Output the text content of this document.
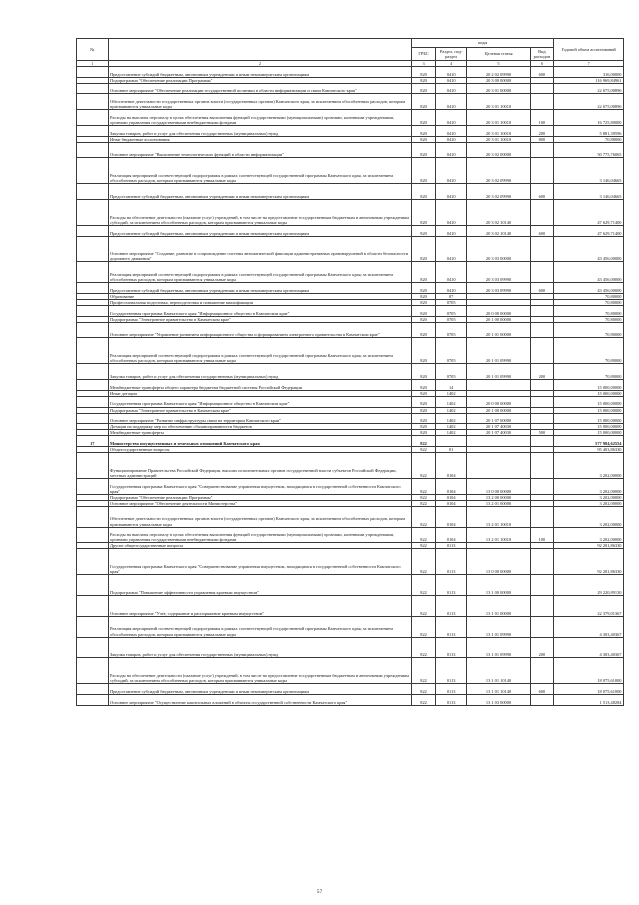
№		коды				Годовой объем ассигнований
		ГРБС	Раздел, под-раздел	Целевая статья	Вид расходов	
1	2	3	4	5	6	7
	Предоставление субсидий бюджетным, автономным учреждениям и иным некоммерческим организациям	820	0410	20 2 02 09990	600	316,00000
	Подпрограмма "Обеспечение реализации Программы"	820	0410	20 3 00 00000		116 969,84961
	Основное мероприятие "Обеспечение реализации государственной политики в области информатизации и связи Камчатского края"	820	0410	20 3 01 00000		22 675,00896
	Обеспечение деятельности государственных органов власти (государственных органов) Камчатского края, за исключением обособленных расходов, которым присваиваются уникальные коды	820	0410	20 3 01 10010		22 675,00896
	Расходы на выплаты персоналу в целях обеспечения выполнения функций государственными (муниципальными) органами, казенными учреждениями, органами управления государственными внебюджетными фондами	820	0410	20 3 01 10010	100	16 725,80000
	Закупка товаров, работ и услуг для обеспечения государственных (муниципальных) нужд	820	0410	20 3 01 10010	200	5 881,39596
	Иные бюджетные ассигнования	820	0410	20 3 01 10010	800	70,88000
	Основное мероприятие "Выполнение технологических функций в области информатизации"	820	0410	20 3 02 00000		50 775,76065
	Реализация мероприятий соответствующей подпрограммы в рамках соответствующей государственной программы Камчатского края, за исключением обособленных расходов, которым присваиваются уникальные коды	820	0410	20 3 02 09990		3 146,04665
	Предоставление субсидий бюджетным, автономным учреждениям и иным некоммерческим организациям	820	0410	20 3 02 09990	600	3 146,04665
	Расходы на обеспечение деятельности (оказание услуг) учреждений, в том числе на предоставление государственным бюджетным и автономным учреждениям субсидий, за исключением обособленных расходов, которым присваиваются уникальные коды	820	0410	20 3 02 10140		47 629,71400
	Предоставление субсидий бюджетным, автономным учреждениям и иным некоммерческим организациям	820	0410	20 3 02 10140	600	47 629,71400
	Основное мероприятие "Создание, развитие и сопровождение системы автоматической фиксации административных правонарушений в области безопасности дорожного движения"	820	0410	20 3 03 00000		43 456,00000
	Реализация мероприятий соответствующей подпрограммы в рамках соответствующей государственной программы Камчатского края, за исключением обособленных расходов, которым присваиваются уникальные коды	820	0410	20 3 03 09990		43 456,00000
	Предоставление субсидий бюджетным, автономным учреждениям и иным некоммерческим организациям	820	0410	20 3 03 09990	600	43 456,00000
	Образование	820	07			70,80000
	Профессиональная подготовка, переподготовка и повышение квалификации	820	0705			70,80000
	Государственная программа Камчатского края "Информационное общество в Камчатском крае"	820	0705	20 0 00 00000		70,80000
	Подпрограмма "Электронное правительство в Камчатском крае"	820	0705	20 1 00 00000		70,80000
	Основное мероприятие "Управление развитием информационного общества и формированием электронного правительства в Камчатском крае"	820	0705	20 1 01 00000		70,80000
	Реализация мероприятий соответствующей подпрограммы в рамках соответствующей государственной программы Камчатского края, за исключением обособленных расходов, которым присваиваются уникальные коды	820	0705	20 1 01 09990		70,80000
	Закупка товаров, работ и услуг для обеспечения государственных (муниципальных) нужд	820	0705	20 1 01 09990	200	70,80000
	Межбюджетные трансферты общего характера бюджетам бюджетной системы Российской Федерации	820	14			15 000,00000
	Иные дотации	820	1402			15 000,00000
	Государственная программа Камчатского края "Информационное общество в Камчатском крае"	820	1402	20 0 00 00000		15 000,00000
	Подпрограмма "Электронное правительство в Камчатском крае"	820	1402	20 1 00 00000		15 000,00000
	Основное мероприятие "Развитие инфраструктуры связи на территории Камчатского края"	820	1402	20 1 07 00000		15 000,00000
	Дотации на поддержку мер по обеспечению сбалансированности бюджетов	820	1402	20 1 07 40030		15 000,00000
	Межбюджетные трансферты	820	1402	20 1 07 40030	500	15 000,00000
17	Министерство имущественных и земельных отношений Камчатского края	822				577 984,62554
	Общегосударственные вопросы	822	01			95 403,86330
	Функционирование Правительства Российской Федерации, высших исполнительных органов государственной власти субъектов Российской Федерации, местных администраций	822	0104			3 202,00000
	Государственная программа Камчатского края "Совершенствование управления имуществом, находящимся в государственной собственности Камчатского края"	822	0104	13 0 00 00000		3 202,00000
	Подпрограмма "Обеспечение реализации Программы"	822	0104	13 2 00 00000		3 202,00000
	Основное мероприятие "Обеспечение деятельности Министерства"	822	0104	13 2 01 00000		3 202,00000
	Обеспечение деятельности государственных органов власти (государственных органов) Камчатского края, за исключением обособленных расходов, которым присваиваются уникальные коды	822	0104	13 2 01 10010		3 202,00000
	Расходы на выплаты персоналу в целях обеспечения выполнения функций государственными (муниципальными) органами, казенными учреждениями, органами управления государственными внебюджетными фондами	822	0104	13 2 01 10010	100	3 202,00000
	Другие общегосударственные вопросы	822	0113			92 201,86330
	Государственная программа Камчатского края "Совершенствование управления имуществом, находящимся в государственной собственности Камчатского края"	822	0113	13 0 00 00000		92 201,86330
	Подпрограмма "Повышение эффективности управления краевым имуществом"	822	0113	13 1 00 00000		29 220,89130
	Основное мероприятие "Учет, содержание и распоряжение краевым имуществом"	822	0113	13 1 01 00000		22 379,01367
	Реализация мероприятий соответствующей подпрограммы в рамках соответствующей государственной программы Камчатского края, за исключением обособленных расходов, которым присваиваются уникальные коды	822	0113	13 1 01 09990		4 303,40367
	Закупка товаров, работ и услуг для обеспечения государственных (муниципальных) нужд	822	0113	13 1 01 09990	200	4 303,40367
	Расходы на обеспечение деятельности (оказание услуг) учреждений, в том числе на предоставление государственным бюджетным и автономным учреждениям субсидий, за исключением обособленных расходов, которым присваиваются уникальные коды	822	0113	13 1 01 10140		18 075,61000
	Предоставление субсидий бюджетным, автономным учреждениям и иным некоммерческим организациям	822	0113	13 1 01 10140	600	18 075,61000
	Основное мероприятие "Осуществление капитальных вложений в объекты государственной собственности Камчатского края"	822	0113	13 1 03 00000		1 513,48284
57
